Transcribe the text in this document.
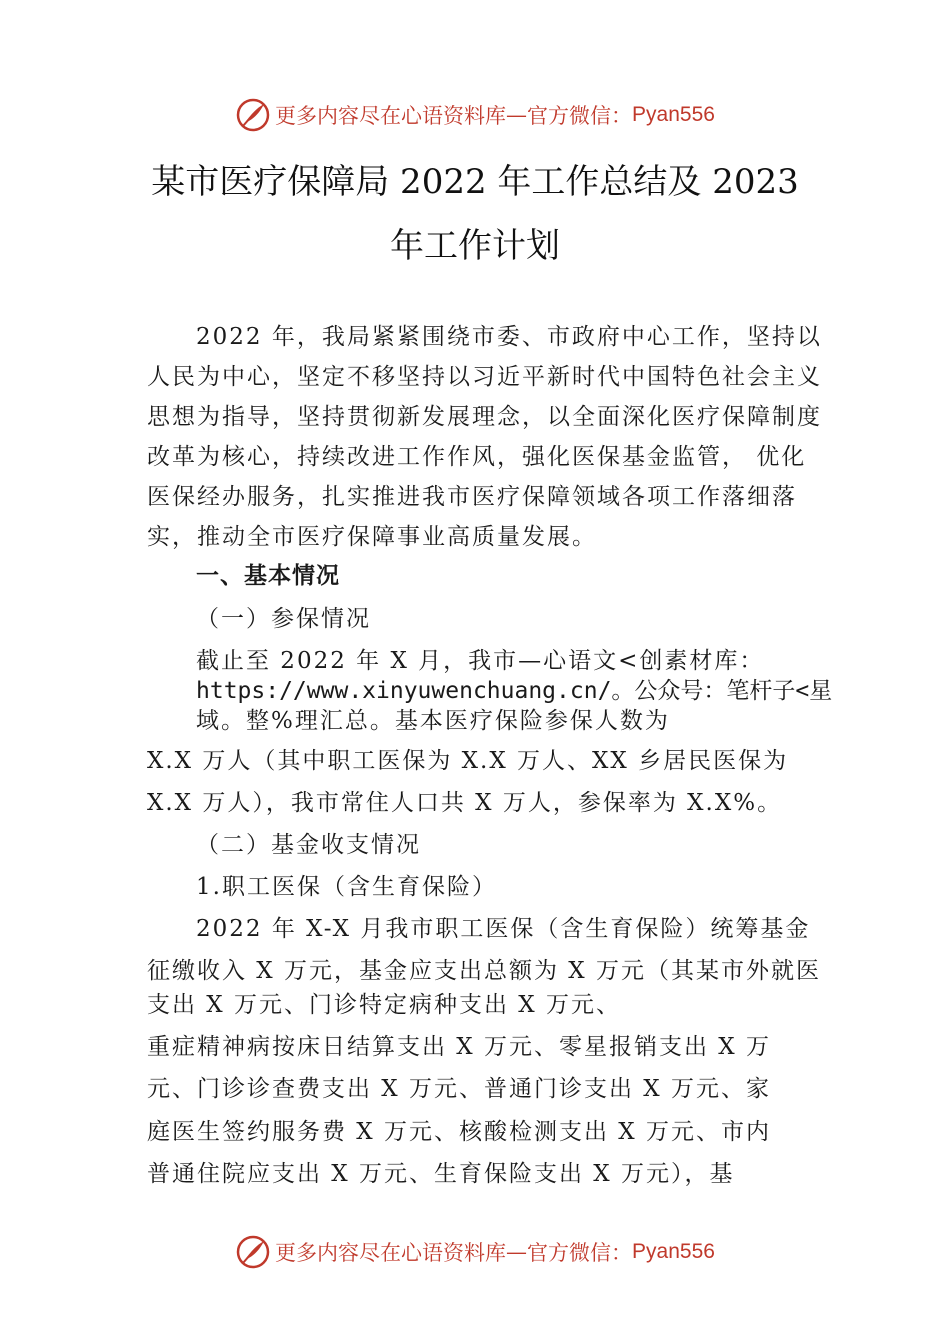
更多内容尽在心语资料库 — 官方微信： Pyan556
某市医疗保障局 2022 年工作总结及 2023
年工作计划
2022 年，我局紧紧围绕市委、市政府中心工作，坚持以
人民为中心，坚定不移坚持以习近平新时代中国特色社会主义
思想为指导，坚持贯彻新发展理念，以全面深化医疗保障制度
改革为核心，持续改进工作作风，强化医保基金监管， 优化
医保经办服务，扎实推进我市医疗保障领域各项工作落细落
实，推动全市医疗保障事业高质量发展。
一、基本情况
（一）参保情况
截止至 2022 年 X 月，我市—心语文<创素材库：
https://www.xinyuwenchuang.cn/。公众号：笔杆子<星
域。整%理汇总。基本医疗保险参保人数为
X.X 万人（其中职工医保为 X.X 万人、XX 乡居民医保为
X.X 万人），我市常住人口共 X 万人，参保率为 X.X%。
（二）基金收支情况
1.职工医保（含生育保险）
2022 年 X-X 月我市职工医保（含生育保险）统筹基金
征缴收入 X 万元，基金应支出总额为 X 万元（其某市外就医
支出 X 万元、门诊特定病种支出 X 万元、
重症精神病按床日结算支出 X 万元、零星报销支出 X 万
元、门诊诊查费支出 X 万元、普通门诊支出 X 万元、家
庭医生签约服务费 X 万元、核酸检测支出 X 万元、市内
普通住院应支出 X 万元、生育保险支出 X 万元），基
更多内容尽在心语资料库 — 官方微信： Pyan556
